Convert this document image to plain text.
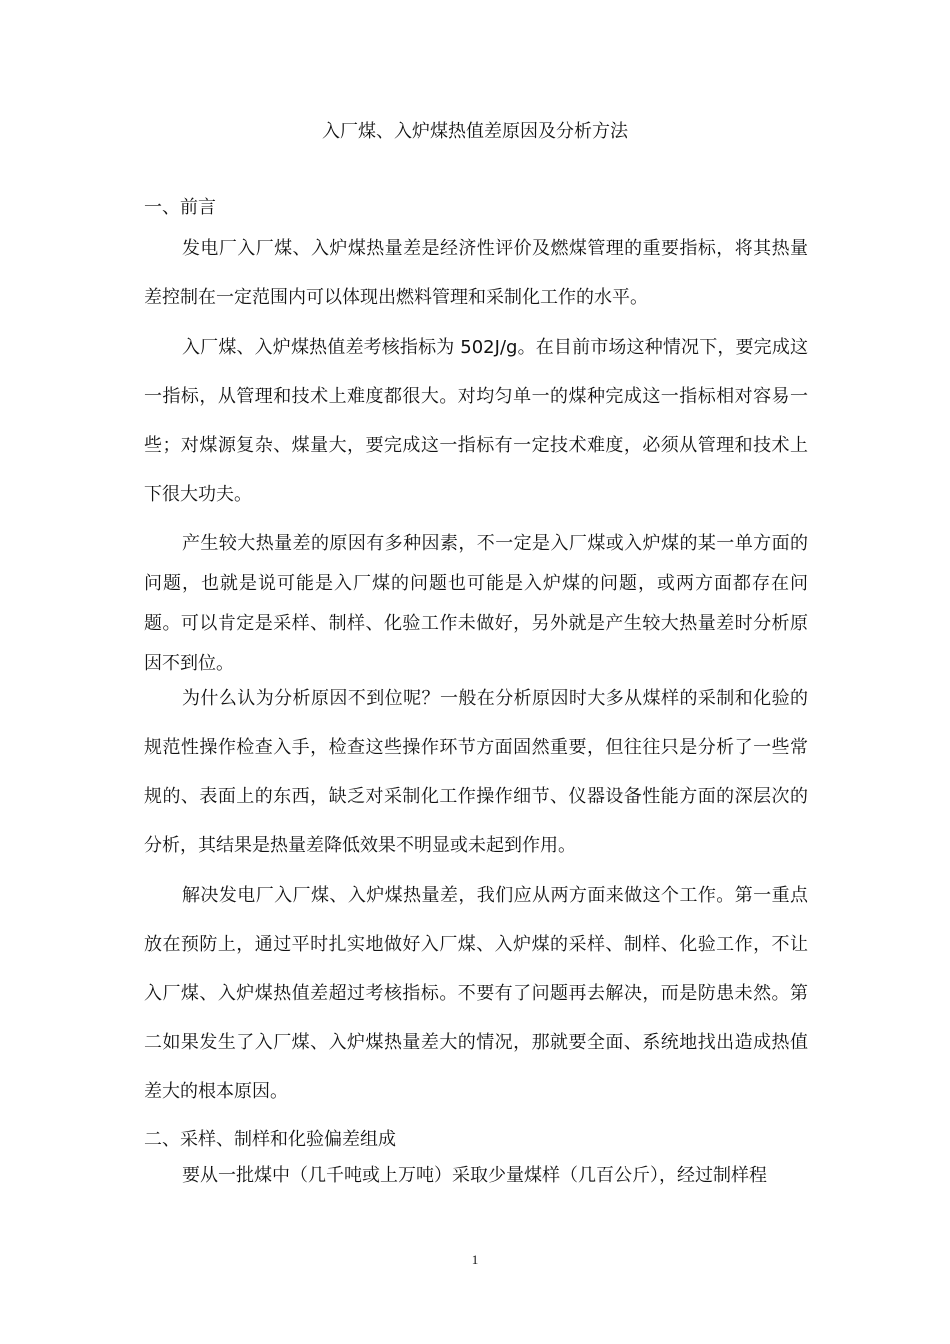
入厂煤、入炉煤热值差原因及分析方法
一、前言

发电厂入厂煤、入炉煤热量差是经济性评价及燃煤管理的重要指标，将其热量差控制在一定范围内可以体现出燃料管理和采制化工作的水平。

入厂煤、入炉煤热值差考核指标为 502J/g。在目前市场这种情况下，要完成这一指标，从管理和技术上难度都很大。对均匀单一的煤种完成这一指标相对容易一些；对煤源复杂、煤量大，要完成这一指标有一定技术难度，必须从管理和技术上下很大功夫。

产生较大热量差的原因有多种因素，不一定是入厂煤或入炉煤的某一单方面的问题，也就是说可能是入厂煤的问题也可能是入炉煤的问题，或两方面都存在问题。可以肯定是采样、制样、化验工作未做好，另外就是产生较大热量差时分析原因不到位。

为什么认为分析原因不到位呢？一般在分析原因时大多从煤样的采制和化验的规范性操作检查入手，检查这些操作环节方面固然重要，但往往只是分析了一些常规的、表面上的东西，缺乏对采制化工作操作细节、仪器设备性能方面的深层次的分析，其结果是热量差降低效果不明显或未起到作用。

解决发电厂入厂煤、入炉煤热量差，我们应从两方面来做这个工作。第一重点放在预防上，通过平时扎实地做好入厂煤、入炉煤的采样、制样、化验工作，不让入厂煤、入炉煤热值差超过考核指标。不要有了问题再去解决，而是防患未然。第二如果发生了入厂煤、入炉煤热量差大的情况，那就要全面、系统地找出造成热值差大的根本原因。

二、采样、制样和化验偏差组成

要从一批煤中（几千吨或上万吨）采取少量煤样（几百公斤），经过制样程

1
